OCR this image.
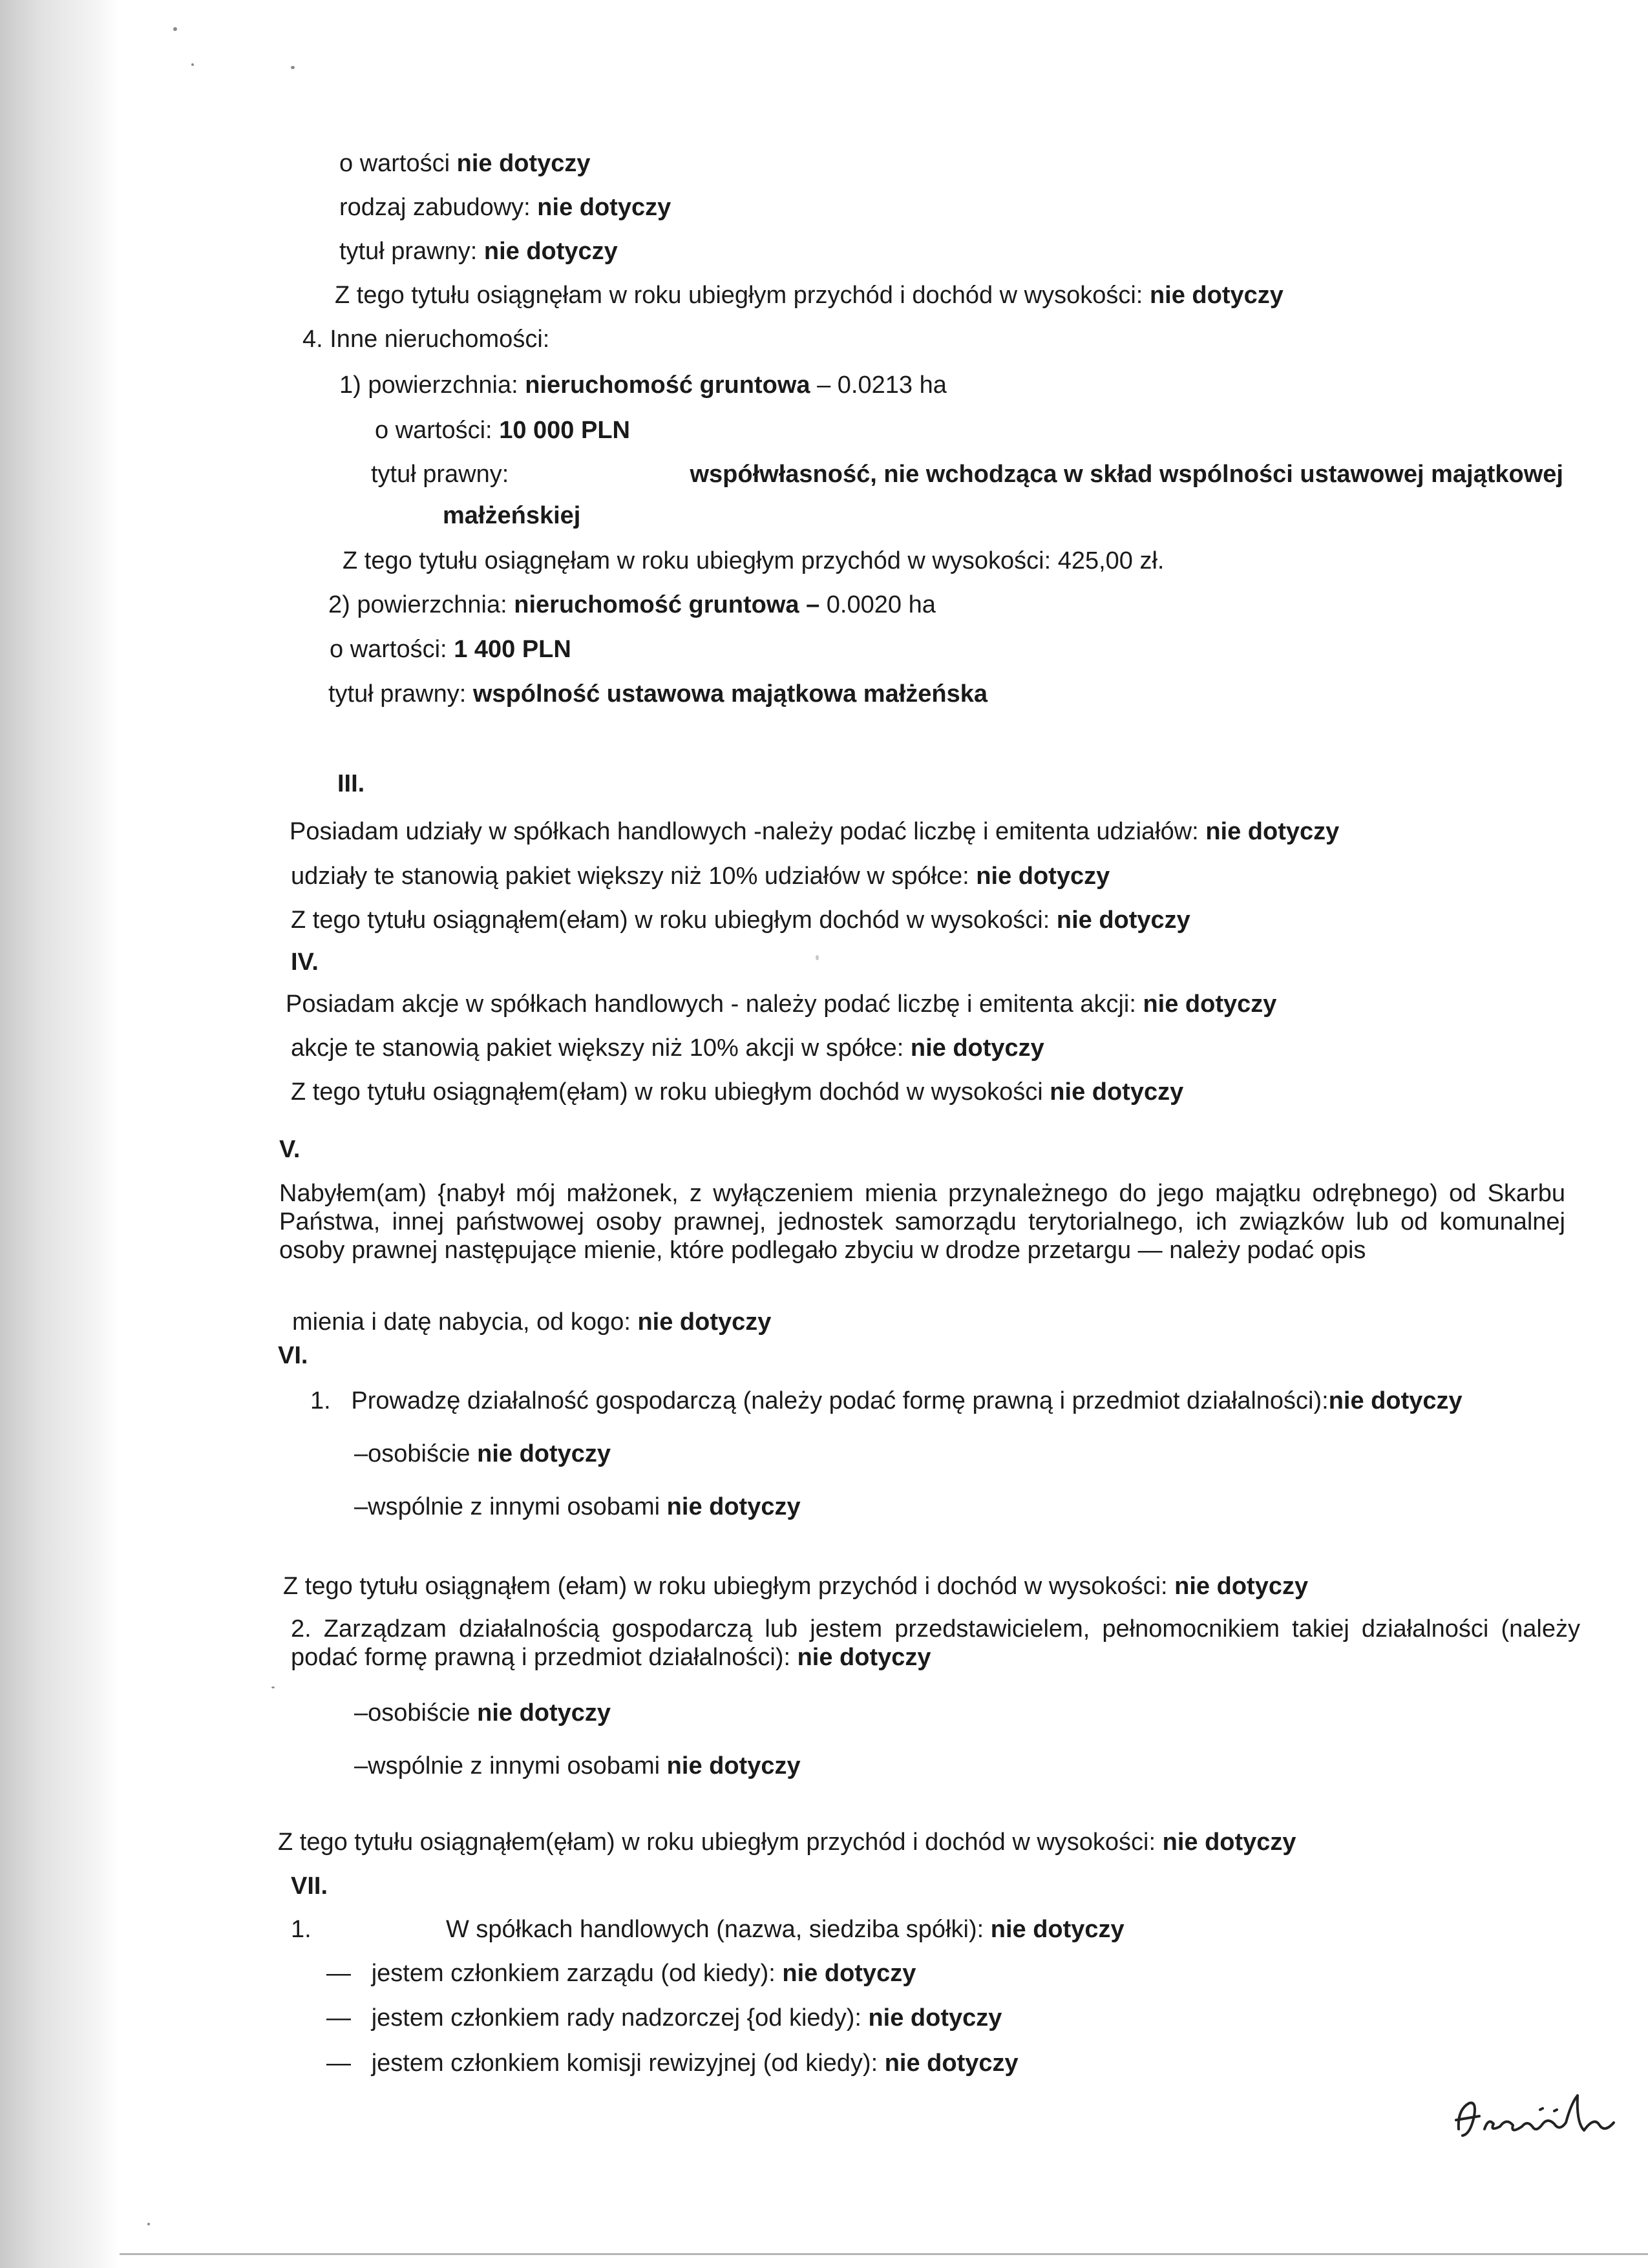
o wartości nie dotyczy
rodzaj zabudowy: nie dotyczy
tytuł prawny: nie dotyczy
Z tego tytułu osiągnęłam w roku ubiegłym przychód i dochód w wysokości: nie dotyczy
4. Inne nieruchomości:
1) powierzchnia: nieruchomość gruntowa – 0.0213 ha
o wartości: 10 000 PLN
tytuł prawny:	współwłasność, nie wchodząca w skład wspólności ustawowej majątkowej
małżeńskiej
Z tego tytułu osiągnęłam w roku ubiegłym przychód w wysokości: 425,00 zł.
2) powierzchnia: nieruchomość gruntowa – 0.0020 ha
o wartości: 1 400 PLN
tytuł prawny: wspólność ustawowa majątkowa małżeńska
III.
Posiadam udziały w spółkach handlowych -należy podać liczbę i emitenta udziałów: nie dotyczy
udziały te stanowią pakiet większy niż 10% udziałów w spółce: nie dotyczy
Z tego tytułu osiągnąłem(ełam) w roku ubiegłym dochód w wysokości: nie dotyczy
IV.
Posiadam akcje w spółkach handlowych - należy podać liczbę i emitenta akcji: nie dotyczy
akcje te stanowią pakiet większy niż 10% akcji w spółce: nie dotyczy
Z tego tytułu osiągnąłem(ęłam) w roku ubiegłym dochód w wysokości nie dotyczy
V.
Nabyłem(am) {nabył mój małżonek, z wyłączeniem mienia przynależnego do jego majątku odrębnego) od Skarbu Państwa, innej państwowej osoby prawnej, jednostek samorządu terytorialnego, ich związków lub od komunalnej osoby prawnej następujące mienie, które podlegało zbyciu w drodze przetargu — należy podać opis
mienia i datę nabycia, od kogo: nie dotyczy
VI.
1. Prowadzę działalność gospodarczą (należy podać formę prawną i przedmiot działalności):nie dotyczy
–osobiście nie dotyczy
–wspólnie z innymi osobami nie dotyczy
Z tego tytułu osiągnąłem (ełam) w roku ubiegłym przychód i dochód w wysokości: nie dotyczy
2. Zarządzam działalnością gospodarczą lub jestem przedstawicielem, pełnomocnikiem takiej działalności (należy podać formę prawną i przedmiot działalności): nie dotyczy
–osobiście nie dotyczy
–wspólnie z innymi osobami nie dotyczy
Z tego tytułu osiągnąłem(ęłam) w roku ubiegłym przychód i dochód w wysokości: nie dotyczy
VII.
1.	W spółkach handlowych (nazwa, siedziba spółki): nie dotyczy
— jestem członkiem zarządu (od kiedy): nie dotyczy
— jestem członkiem rady nadzorczej {od kiedy): nie dotyczy
— jestem członkiem komisji rewizyjnej (od kiedy): nie dotyczy
